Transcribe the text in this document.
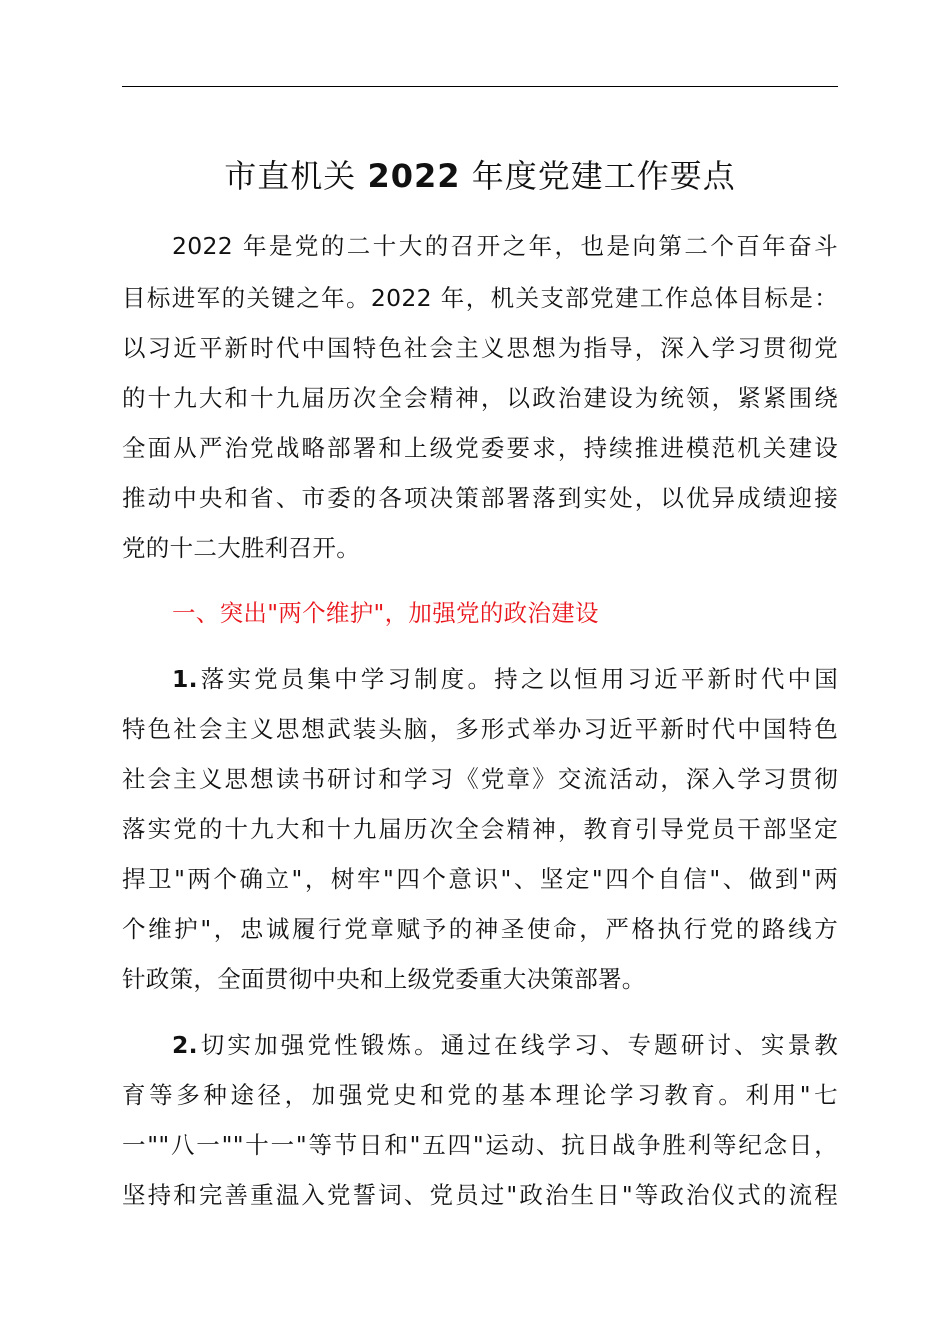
市直机关 2022 年度党建工作要点

2022 年是党的二十大的召开之年，也是向第二个百年奋斗

目标进军的关键之年。2022 年，机关支部党建工作总体目标是：

以习近平新时代中国特色社会主义思想为指导，深入学习贯彻党

的十九大和十九届历次全会精神，以政治建设为统领，紧紧围绕

全面从严治党战略部署和上级党委要求，持续推进模范机关建设

推动中央和省、市委的各项决策部署落到实处，以优异成绩迎接

党的十二大胜利召开。

一、突出"两个维护"，加强党的政治建设

1.落实党员集中学习制度。持之以恒用习近平新时代中国

特色社会主义思想武装头脑，多形式举办习近平新时代中国特色

社会主义思想读书研讨和学习《党章》交流活动，深入学习贯彻

落实党的十九大和十九届历次全会精神，教育引导党员干部坚定

捍卫"两个确立"，树牢"四个意识"、坚定"四个自信"、做到"两

个维护"，忠诚履行党章赋予的神圣使命，严格执行党的路线方

针政策，全面贯彻中央和上级党委重大决策部署。

2.切实加强党性锻炼。通过在线学习、专题研讨、实景教

育等多种途径，加强党史和党的基本理论学习教育。利用"七

一""八一""十一"等节日和"五四"运动、抗日战争胜利等纪念日，

坚持和完善重温入党誓词、党员过"政治生日"等政治仪式的流程
